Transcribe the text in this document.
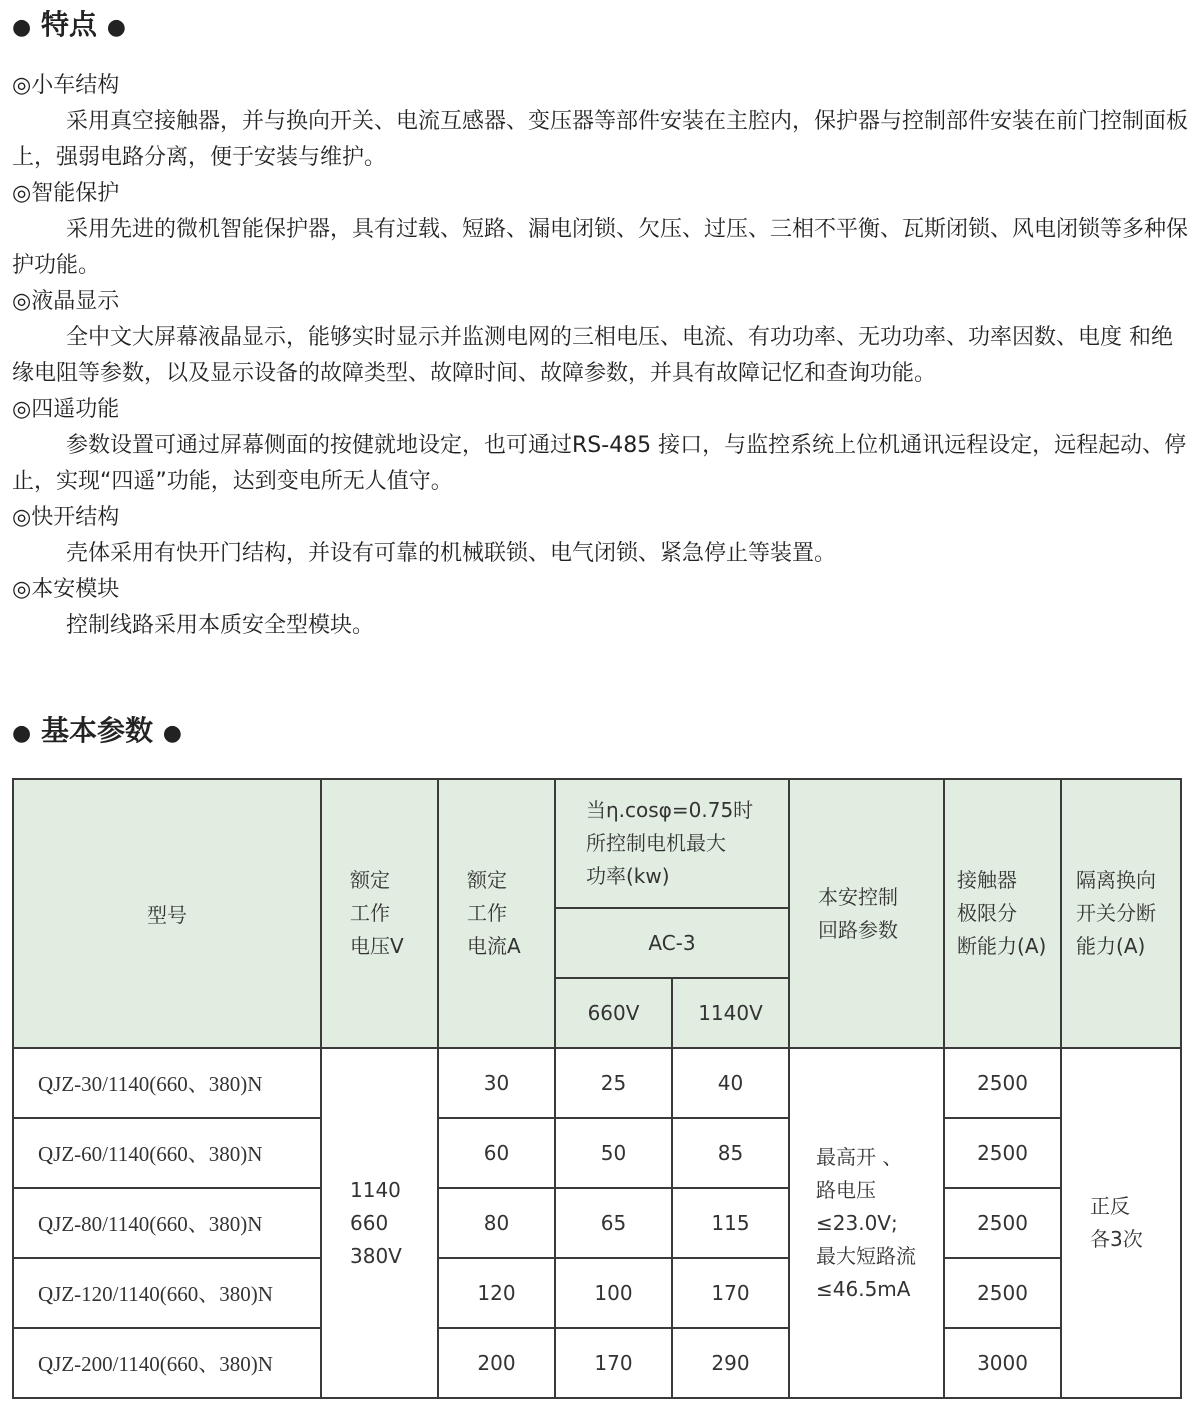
● 特点 ●
◎小车结构
采用真空接触器，并与换向开关、电流互感器、变压器等部件安装在主腔内，保护器与控制部件安装在前门控制面板上，强弱电路分离，便于安装与维护。
◎智能保护
采用先进的微机智能保护器，具有过载、短路、漏电闭锁、欠压、过压、三相不平衡、瓦斯闭锁、风电闭锁等多种保护功能。
◎液晶显示
全中文大屏幕液晶显示，能够实时显示并监测电网的三相电压、电流、有功功率、无功功率、功率因数、电度 和绝缘电阻等参数，以及显示设备的故障类型、故障时间、故障参数，并具有故障记忆和查询功能。
◎四遥功能
参数设置可通过屏幕侧面的按健就地设定，也可通过RS-485 接口，与监控系统上位机通讯远程设定，远程起动、停止，实现“四遥”功能，达到变电所无人值守。
◎快开结构
壳体采用有快开门结构，并设有可靠的机械联锁、电气闭锁、紧急停止等装置。
◎本安模块
控制线路采用本质安全型模块。
● 基本参数 ●
型号	额定
工作
电压V	额定
工作
电流A	当η.cosφ=0.75时
所控制电机最大
功率(kw)		本安控制
回路参数	接触器
极限分
断能力(A)	隔离换向
开关分断
能力(A)
			AC-3				
			660V	1140V			
QJZ-30/1140(660、380)N	1140
660
380V	30	25	40	最高开 、
路电压
≤23.0V;
最大短路流
≤46.5mA	2500	正反
各3次
QJZ-60/1140(660、380)N		60	50	85		2500	
QJZ-80/1140(660、380)N		80	65	115		2500	
QJZ-120/1140(660、380)N		120	100	170		2500	
QJZ-200/1140(660、380)N		200	170	290		3000	
